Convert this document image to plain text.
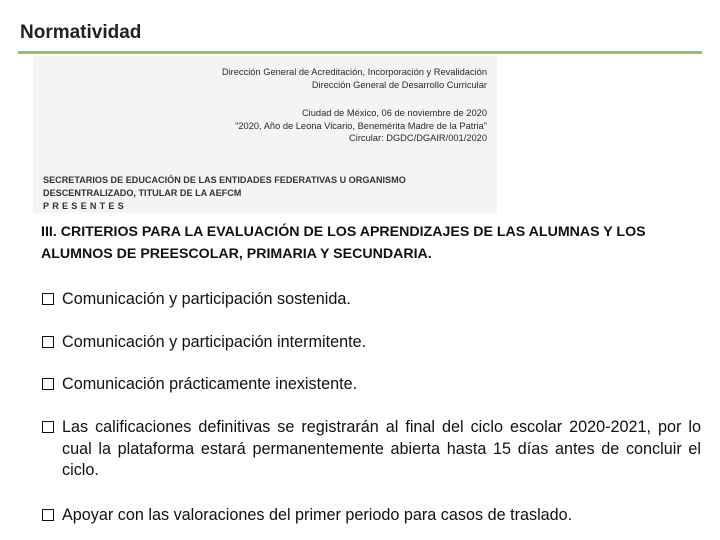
Normatividad
Dirección General de Acreditación, Incorporación y Revalidación
Dirección General de Desarrollo Curricular
Ciudad de México, 06 de noviembre de 2020
"2020, Año de Leona Vicario, Benemérita Madre de la Patria"
Circular: DGDC/DGAIR/001/2020
SECRETARIOS DE EDUCACIÓN DE LAS ENTIDADES FEDERATIVAS U ORGANISMO
DESCENTRALIZADO, TITULAR DE LA AEFCM
PRESENTES
III. CRITERIOS PARA LA EVALUACIÓN DE LOS APRENDIZAJES DE LAS ALUMNAS Y LOS ALUMNOS DE PREESCOLAR, PRIMARIA Y SECUNDARIA.
Comunicación y participación sostenida.
Comunicación y participación intermitente.
Comunicación prácticamente inexistente.
Las calificaciones definitivas se registrarán al final del ciclo escolar 2020-2021, por lo cual la plataforma estará permanentemente abierta hasta 15 días antes de concluir el ciclo.
Apoyar con las valoraciones del primer periodo para casos de traslado.
